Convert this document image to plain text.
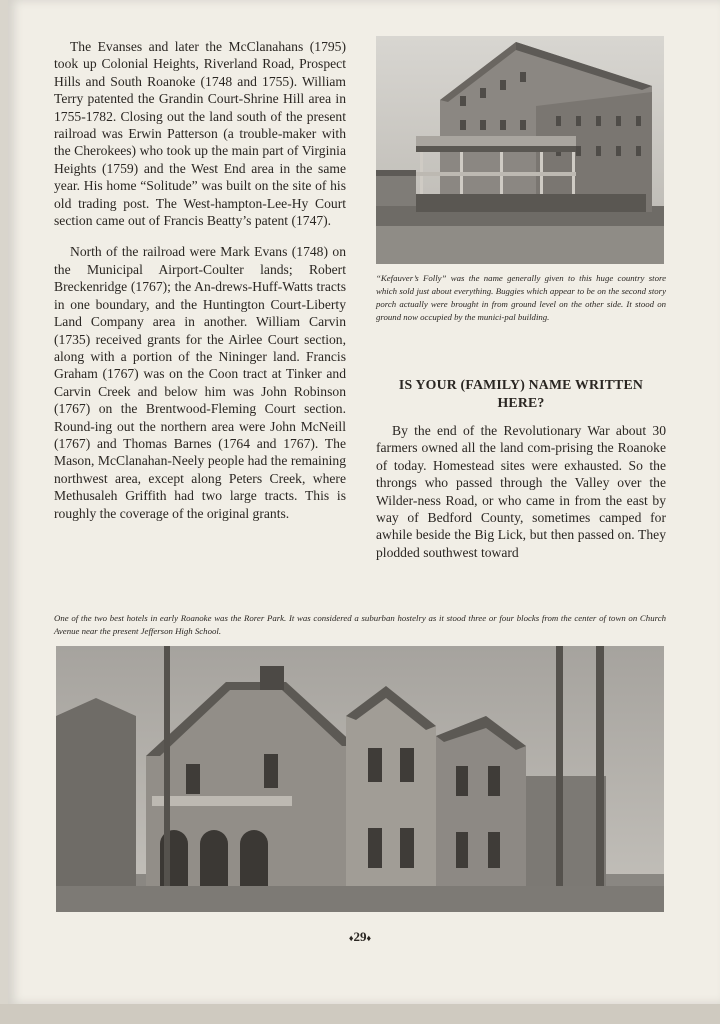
The Evanses and later the McClanahans (1795) took up Colonial Heights, Riverland Road, Prospect Hills and South Roanoke (1748 and 1755). William Terry patented the Grandin Court-Shrine Hill area in 1755-1782. Closing out the land south of the present railroad was Erwin Patterson (a trouble-maker with the Cherokees) who took up the main part of Virginia Heights (1759) and the West End area in the same year. His home “Solitude” was built on the site of his old trading post. The West-hampton-Lee-Hy Court section came out of Francis Beatty’s patent (1747).

North of the railroad were Mark Evans (1748) on the Municipal Airport-Coulter lands; Robert Breckenridge (1767); the An-drews-Huff-Watts tracts in one boundary, and the Huntington Court-Liberty Land Company area in another. William Carvin (1735) received grants for the Airlee Court section, along with a portion of the Nininger land. Francis Graham (1767) was on the Coon tract at Tinker and Carvin Creek and below him was John Robinson (1767) on the Brentwood-Fleming Court section. Round-ing out the northern area were John McNeill (1767) and Thomas Barnes (1764 and 1767). The Mason, McClanahan-Neely people had the remaining northwest area, except along Peters Creek, where Methusaleh Griffith had two large tracts. This is roughly the coverage of the original grants.

“Kefauver’s Folly” was the name generally given to this huge country store which sold just about everything. Buggies which appear to be on the second story porch actually were brought in from ground level on the other side. It stood on ground now occupied by the munici-pal building.
IS YOUR (FAMILY) NAME WRITTEN HERE?

By the end of the Revolutionary War about 30 farmers owned all the land com-prising the Roanoke of today. Homestead sites were exhausted. So the throngs who passed through the Valley over the Wilder-ness Road, or who came in from the east by way of Bedford County, sometimes camped for awhile beside the Big Lick, but then passed on. They plodded southwest toward

One of the two best hotels in early Roanoke was the Rorer Park. It was considered a suburban hostelry as it stood three or four blocks from the center of town on Church Avenue near the present Jefferson High School.
♦29♦
